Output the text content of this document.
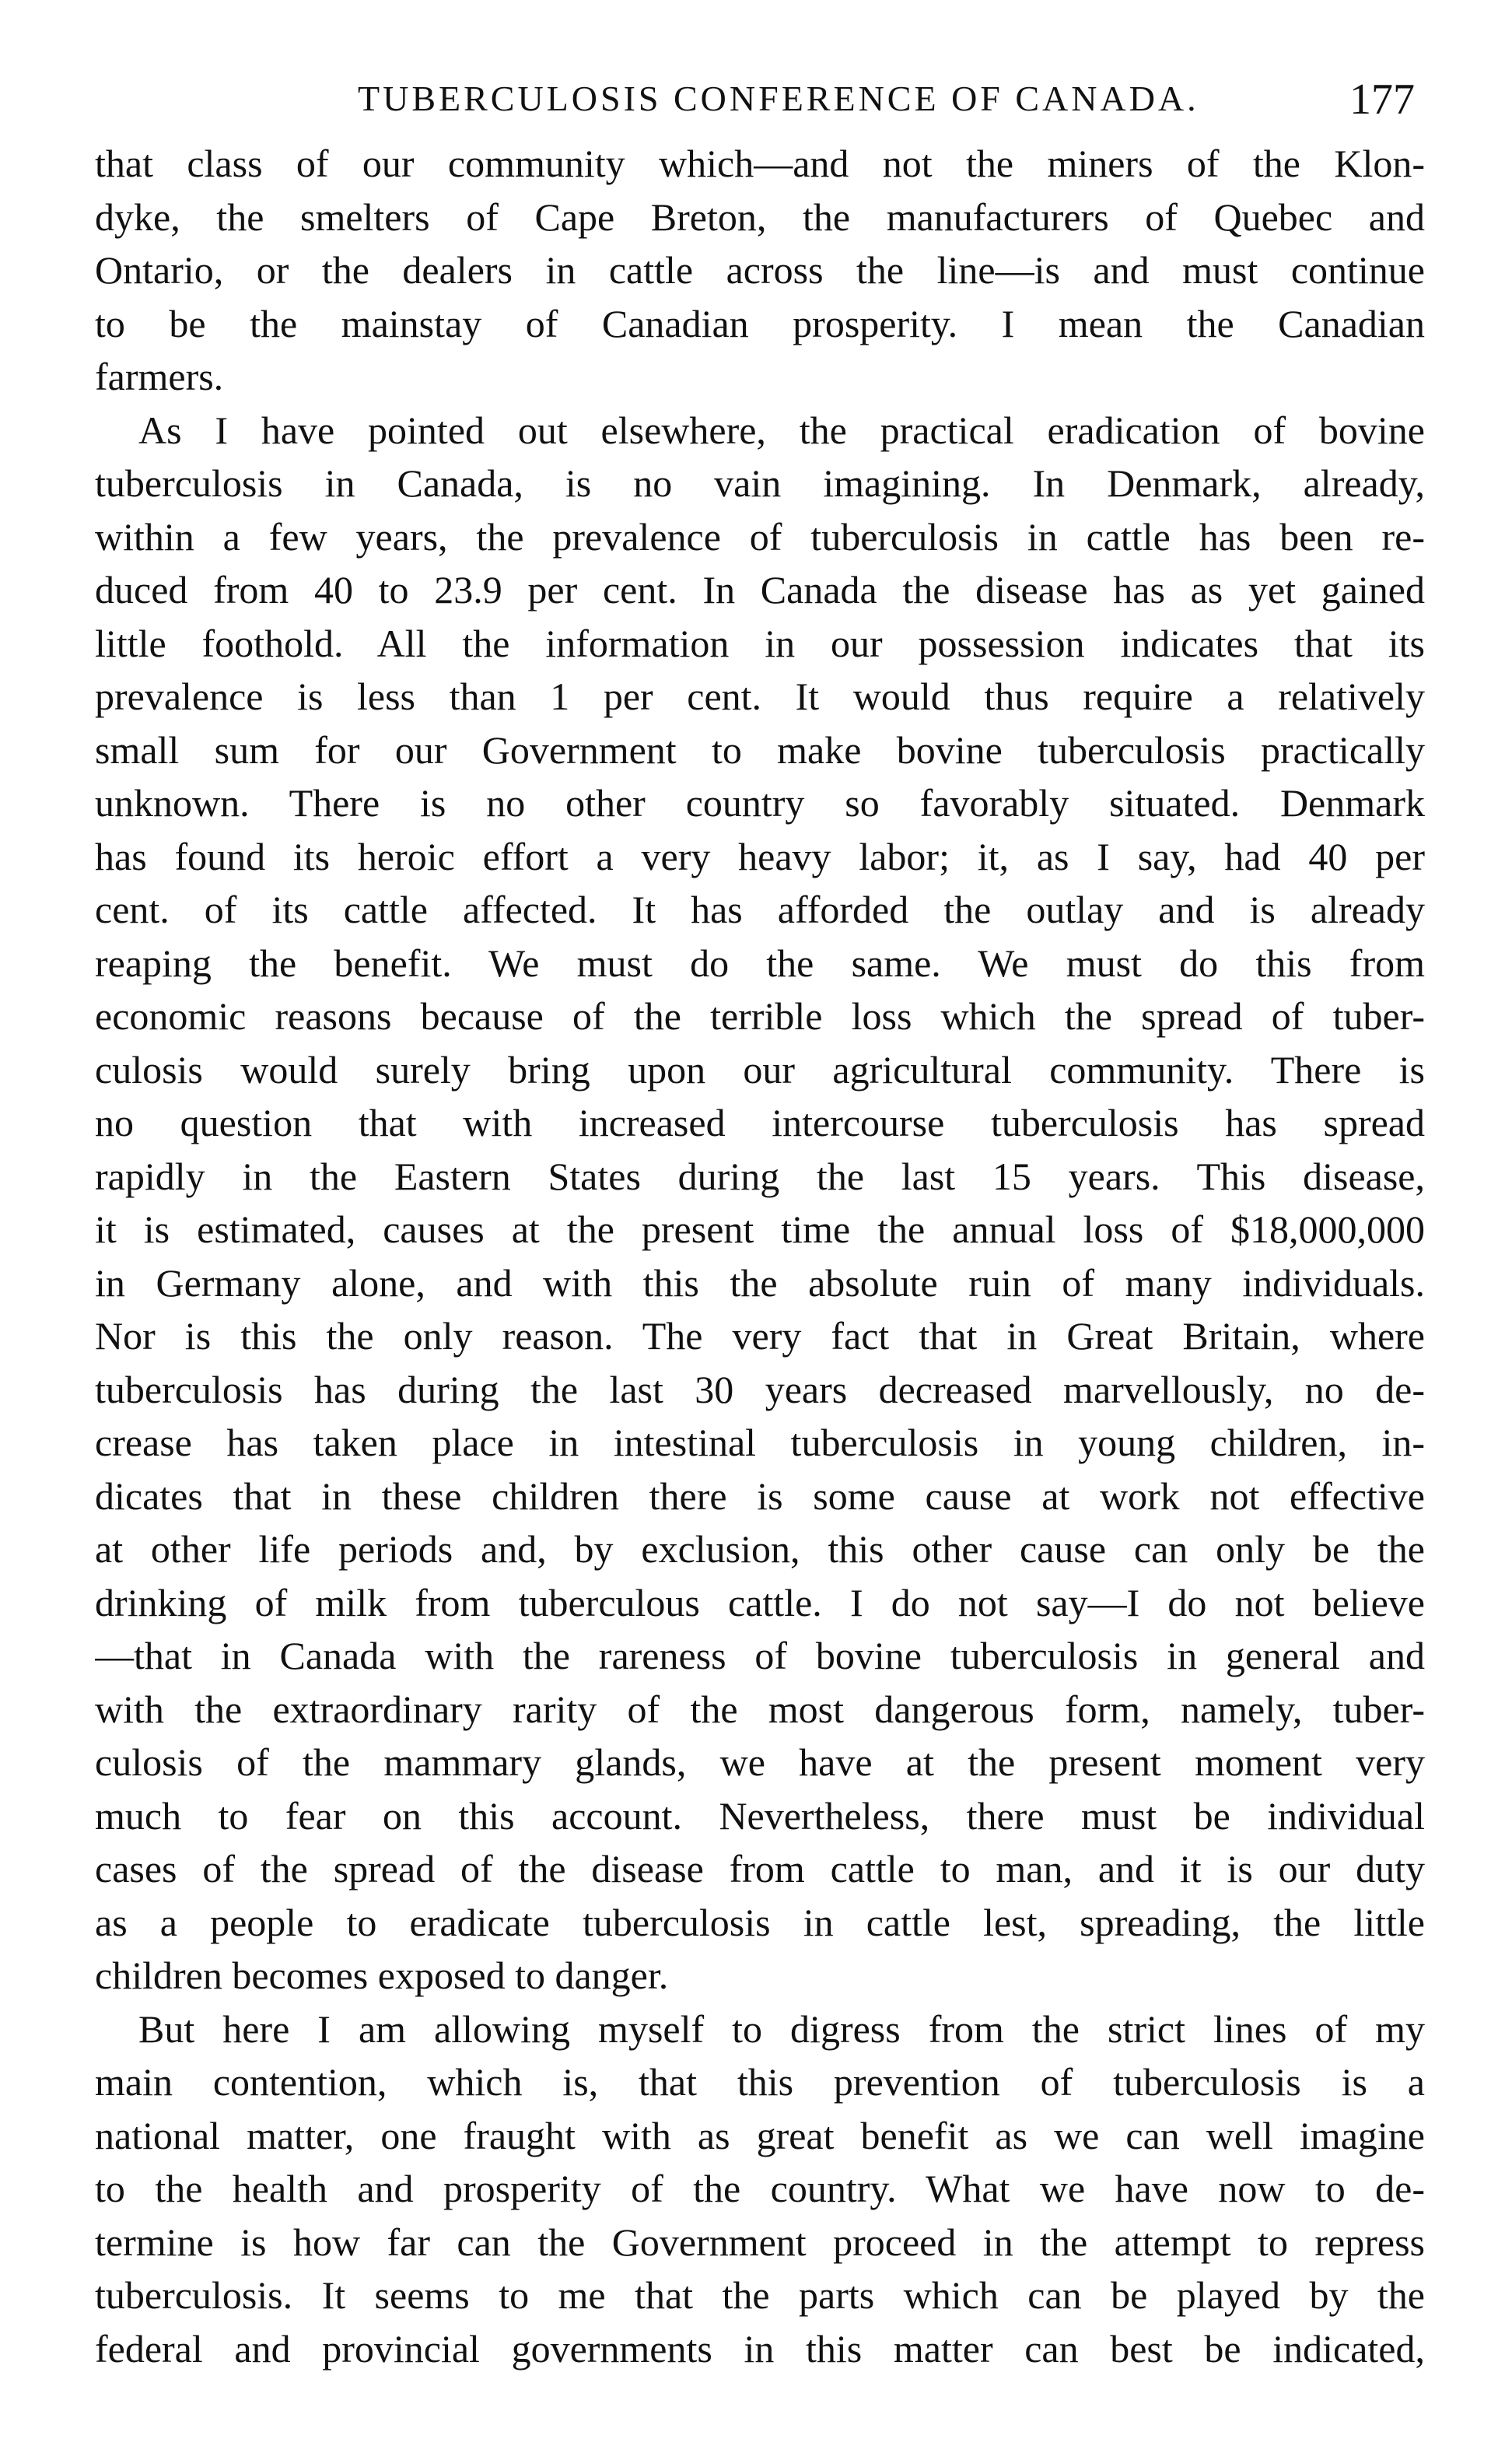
TUBERCULOSIS CONFERENCE OF CANADA.	177
that class of our community which—and not the miners of the Klon-
dyke, the smelters of Cape Breton, the manufacturers of Quebec and
Ontario, or the dealers in cattle across the line—is and must continue
to be the mainstay of Canadian prosperity. I mean the Canadian
farmers.
As I have pointed out elsewhere, the practical eradication of bovine
tuberculosis in Canada, is no vain imagining. In Denmark, already,
within a few years, the prevalence of tuberculosis in cattle has been re-
duced from 40 to 23.9 per cent. In Canada the disease has as yet gained
little foothold. All the information in our possession indicates that its
prevalence is less than 1 per cent. It would thus require a relatively
small sum for our Government to make bovine tuberculosis practically
unknown. There is no other country so favorably situated. Denmark
has found its heroic effort a very heavy labor; it, as I say, had 40 per
cent. of its cattle affected. It has afforded the outlay and is already
reaping the benefit. We must do the same. We must do this from
economic reasons because of the terrible loss which the spread of tuber-
culosis would surely bring upon our agricultural community. There is
no question that with increased intercourse tuberculosis has spread
rapidly in the Eastern States during the last 15 years. This disease,
it is estimated, causes at the present time the annual loss of $18,000,000
in Germany alone, and with this the absolute ruin of many individuals.
Nor is this the only reason. The very fact that in Great Britain, where
tuberculosis has during the last 30 years decreased marvellously, no de-
crease has taken place in intestinal tuberculosis in young children, in-
dicates that in these children there is some cause at work not effective
at other life periods and, by exclusion, this other cause can only be the
drinking of milk from tuberculous cattle. I do not say—I do not believe
—that in Canada with the rareness of bovine tuberculosis in general and
with the extraordinary rarity of the most dangerous form, namely, tuber-
culosis of the mammary glands, we have at the present moment very
much to fear on this account. Nevertheless, there must be individual
cases of the spread of the disease from cattle to man, and it is our duty
as a people to eradicate tuberculosis in cattle lest, spreading, the little
children becomes exposed to danger.
But here I am allowing myself to digress from the strict lines of my
main contention, which is, that this prevention of tuberculosis is a
national matter, one fraught with as great benefit as we can well imagine
to the health and prosperity of the country. What we have now to de-
termine is how far can the Government proceed in the attempt to repress
tuberculosis. It seems to me that the parts which can be played by the
federal and provincial governments in this matter can best be indicated,
